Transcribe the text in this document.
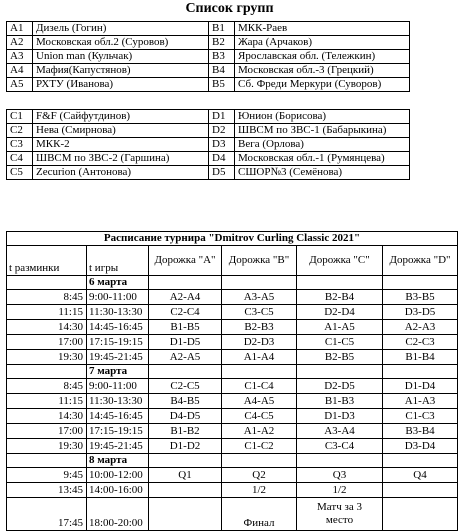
Список групп
A1	Дизель (Гогин)	B1	МКК-Раев
A2	Московская обл.2 (Суровов)	B2	Жара (Арчаков)
A3	Union man (Кульчак)	B3	Ярославская обл. (Тележкин)
A4	Мафия(Капустянов)	B4	Московская обл.-3 (Грецкий)
A5	РХТУ (Иванова)	B5	Сб. Фреди Меркури (Суворов)
C1	F&F (Сайфутдинов)	D1	Юнион (Борисова)
C2	Нева (Смирнова)	D2	ШВСМ по ЗВС-1 (Бабарыкина)
C3	МКК-2	D3	Вега (Орлова)
C4	ШВСМ по ЗВС-2 (Гаршина)	D4	Московская обл.-1 (Румянцева)
C5	Zecurion (Антонова)	D5	СШОР№3 (Семёнова)
Расписание турнира "Dmitrov Curling Classic 2021"					
t разминки	t игры	Дорожка "A"	Дорожка "B"	Дорожка "C"	Дорожка "D"
	6 марта				
8:45	9:00-11:00	A2-A4	A3-A5	B2-B4	B3-B5
11:15	11:30-13:30	C2-C4	C3-C5	D2-D4	D3-D5
14:30	14:45-16:45	B1-B5	B2-B3	A1-A5	A2-A3
17:00	17:15-19:15	D1-D5	D2-D3	C1-C5	C2-C3
19:30	19:45-21:45	A2-A5	A1-A4	B2-B5	B1-B4
	7 марта				
8:45	9:00-11:00	C2-C5	C1-C4	D2-D5	D1-D4
11:15	11:30-13:30	B4-B5	A4-A5	B1-B3	A1-A3
14:30	14:45-16:45	D4-D5	C4-C5	D1-D3	C1-C3
17:00	17:15-19:15	B1-B2	A1-A2	A3-A4	B3-B4
19:30	19:45-21:45	D1-D2	C1-C2	C3-C4	D3-D4
	8 марта				
9:45	10:00-12:00	Q1	Q2	Q3	Q4
13:45	14:00-16:00		1/2	1/2	
17:45	18:00-20:00		Финал	Матч за 3 место	
